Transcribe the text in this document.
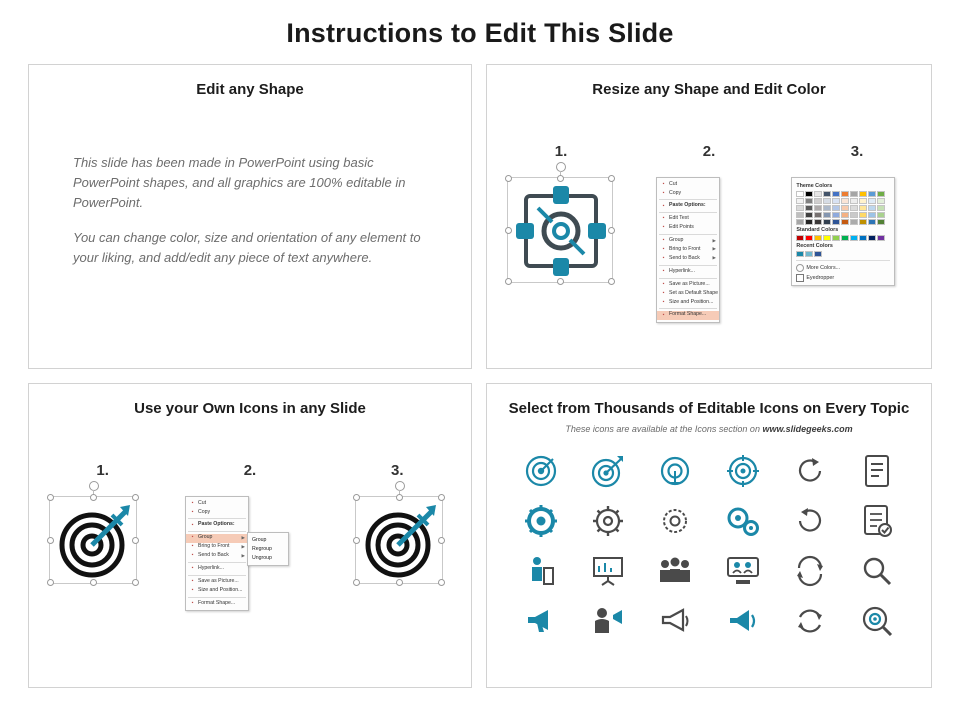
Instructions to Edit This Slide
Edit any Shape
This slide has been made in PowerPoint using basic PowerPoint shapes, and all graphics are 100% editable in PowerPoint.
You can change color, size and orientation of any element to your liking, and add/edit any piece of text anywhere.
Resize any Shape and Edit Color
1.	2.	3.
▪ Cut
▪ Copy
▪ Paste Options:
▪ Edit Text
▪ Edit Points
▪ Group	▶
▪ Bring to Front	▶
▪ Send to Back	▶
▪ Hyperlink...
▪ Save as Picture...
▪ Set as Default Shape
▪ Size and Position...
▪ Format Shape...
Theme Colors
Standard Colors
Recent Colors
More Colors...
Eyedropper
Use your Own Icons in any Slide
1.	2.	3.
▪ Cut
▪ Copy
▪ Paste Options:
▪ Group	▶
▪ Bring to Front	▶
▪ Send to Back	▶
▪ Hyperlink...
▪ Save as Picture...
▪ Size and Position...
▪ Format Shape...
Group
Regroup
Ungroup
Select from Thousands of Editable Icons on Every Topic
These icons are available at the Icons section on www.slidegeeks.com
